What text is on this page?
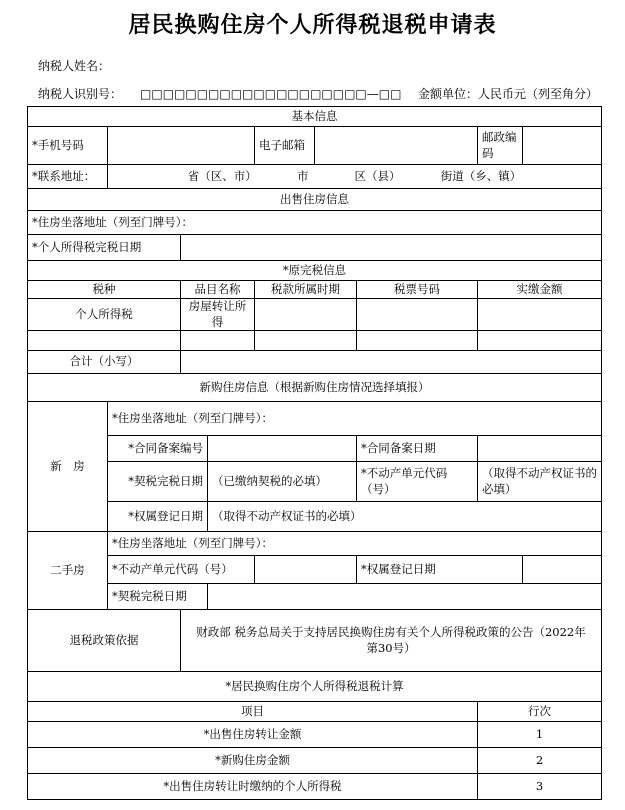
居民换购住房个人所得税退税申请表
纳税人姓名：
纳税人识别号： □□□□□□□□□□□□□□□□□□□□—□□ 金额单位：人民币元（列至角分）
基本信息								
*手机号码				电子邮箱			邮政编码	
*联系地址：	省（区、市）　　　　市　　　　区（县）　　　　街道（乡、镇）							
出售住房信息								
*住房坐落地址（列至门牌号）：								
*个人所得税完税日期								
*原完税信息								
税种		品目名称		税款所属时期		税票号码	实缴金额	
个人所得税		房屋转让所得						

合计（小写）								
新购住房信息（根据新购住房情况选择填报）								
新　房	*住房坐落地址（列至门牌号）：							
	*合同备案编号					*合同备案日期		
	*契税完税日期		（已缴纳契税的必填）			*不动产单元代码（号）	（取得不动产权证书的必填）	
	*权属登记日期		（取得不动产权证书的必填）					
二手房	*住房坐落地址（列至门牌号）：							
	*不动产单元代码（号）					*权属登记日期		
	*契税完税日期							
退税政策依据		财政部 税务总局关于支持居民换购住房有关个人所得税政策的公告（2022年第30号）						
*居民换购住房个人所得税退税计算								
项目							行次	
*出售住房转让金额							1	
*新购住房金额							2	
*出售住房转让时缴纳的个人所得税							3	
